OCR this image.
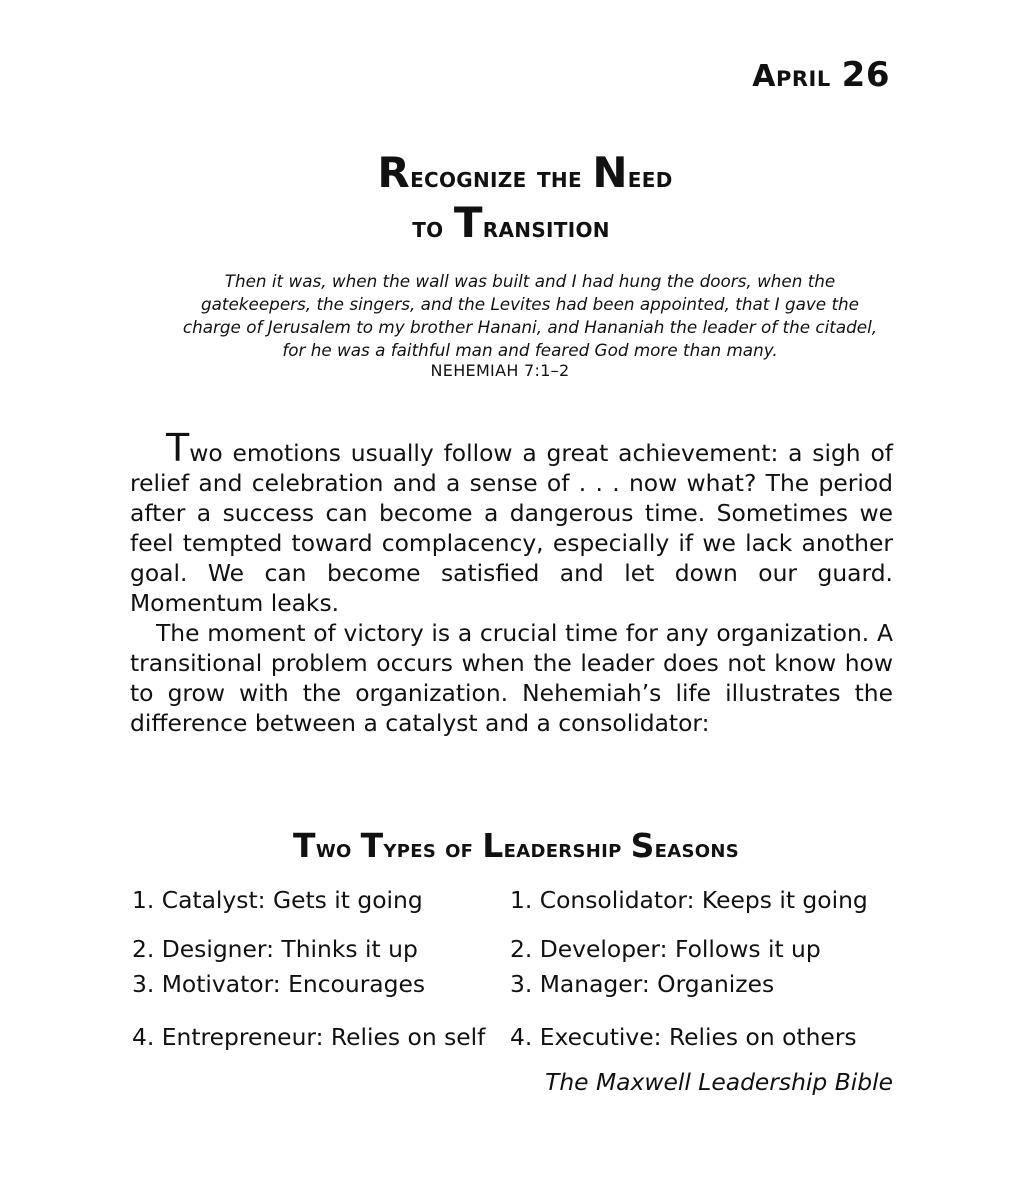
April 26
Recognize the Need
to Transition
Then it was, when the wall was built and I had hung the doors, when the gatekeepers, the singers, and the Levites had been appointed, that I gave the charge of Jerusalem to my brother Hanani, and Hananiah the leader of the citadel, for he was a faithful man and feared God more than many.
NEHEMIAH 7:1–2

Two emotions usually follow a great achievement: a sigh of relief and celebration and a sense of . . . now what? The period after a success can become a dangerous time. Sometimes we feel tempted toward complacency, especially if we lack another goal. We can become satisfied and let down our guard. Momentum leaks.

The moment of victory is a crucial time for any organization. A transitional problem occurs when the leader does not know how to grow with the organization. Nehemiah’s life illustrates the difference between a catalyst and a consolidator:

Two Types of Leadership Seasons
1. Catalyst: Gets it going	1. Consolidator: Keeps it going
2. Designer: Thinks it up	2. Developer: Follows it up
3. Motivator: Encourages	3. Manager: Organizes
4. Entrepreneur: Relies on self	4. Executive: Relies on others
The Maxwell Leadership Bible
